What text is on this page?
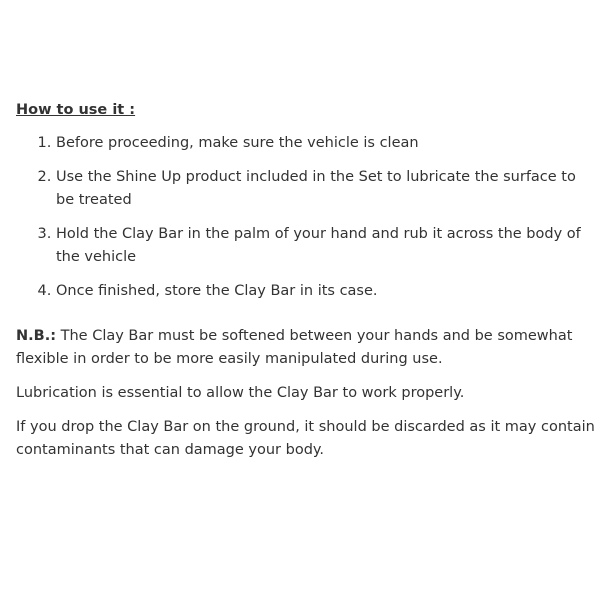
How to use it :
1. Before proceeding, make sure the vehicle is clean
2. Use the Shine Up product included in the Set to lubricate the surface to be treated
3. Hold the Clay Bar in the palm of your hand and rub it across the body of the vehicle
4. Once finished, store the Clay Bar in its case.

N.B.: The Clay Bar must be softened between your hands and be somewhat flexible in order to be more easily manipulated during use.

Lubrication is essential to allow the Clay Bar to work properly.

If you drop the Clay Bar on the ground, it should be discarded as it may contain contaminants that can damage your body.
